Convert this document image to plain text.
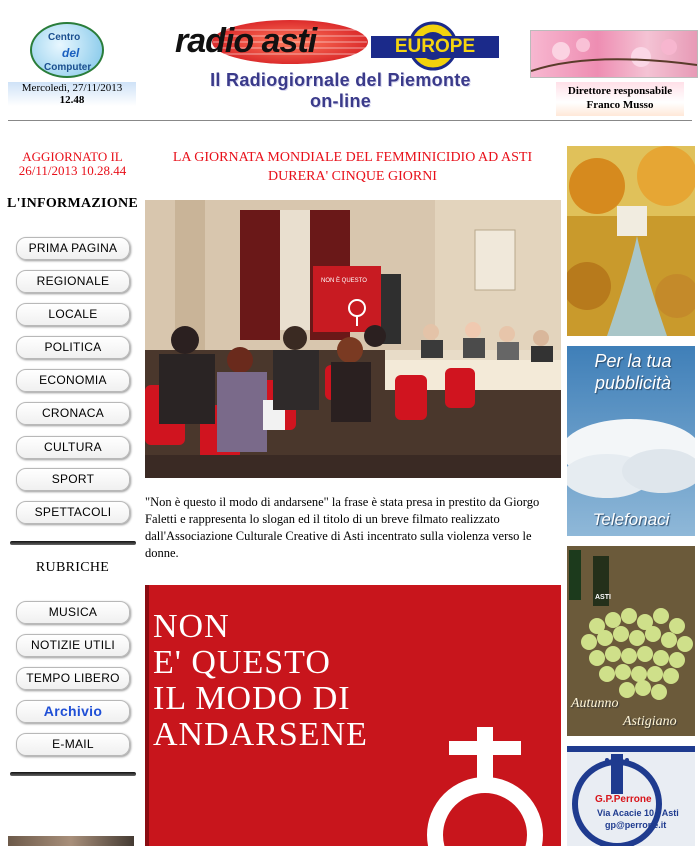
Centro
del
Computer
Mercoledì, 27/11/2013
12.48
radio asti	EUROPE
Il Radiogiornale del Piemonte
on-line	Direttore responsabile
Franco Musso
AGGIORNATO IL
26/11/2013 10.28.44
L'INFORMAZIONE
PRIMA PAGINA
REGIONALE
LOCALE
POLITICA
ECONOMIA
CRONACA
CULTURA
SPORT
SPETTACOLI
RUBRICHE
MUSICA
NOTIZIE UTILI
TEMPO LIBERO
Archivio
E-MAIL
LA GIORNATA MONDIALE DEL FEMMINICIDIO AD ASTI
DURERA' CINQUE GIORNI
NON È QUESTO
"Non è questo il modo di andarsene" la frase è stata presa in prestito da Giorgo Faletti e rappresenta lo slogan ed il titolo di un breve filmato realizzato dall'Associazione Culturale Creative di Asti incentrato sulla violenza verso le donne.
NON
E' QUESTO
IL MODO DI
ANDARSENE
Per la tua
pubblicità
Telefonaci
ASTI
Autunno
Astigiano
G.P.Perrone
Via Acacie 10 - Asti
gp@perrone.it
